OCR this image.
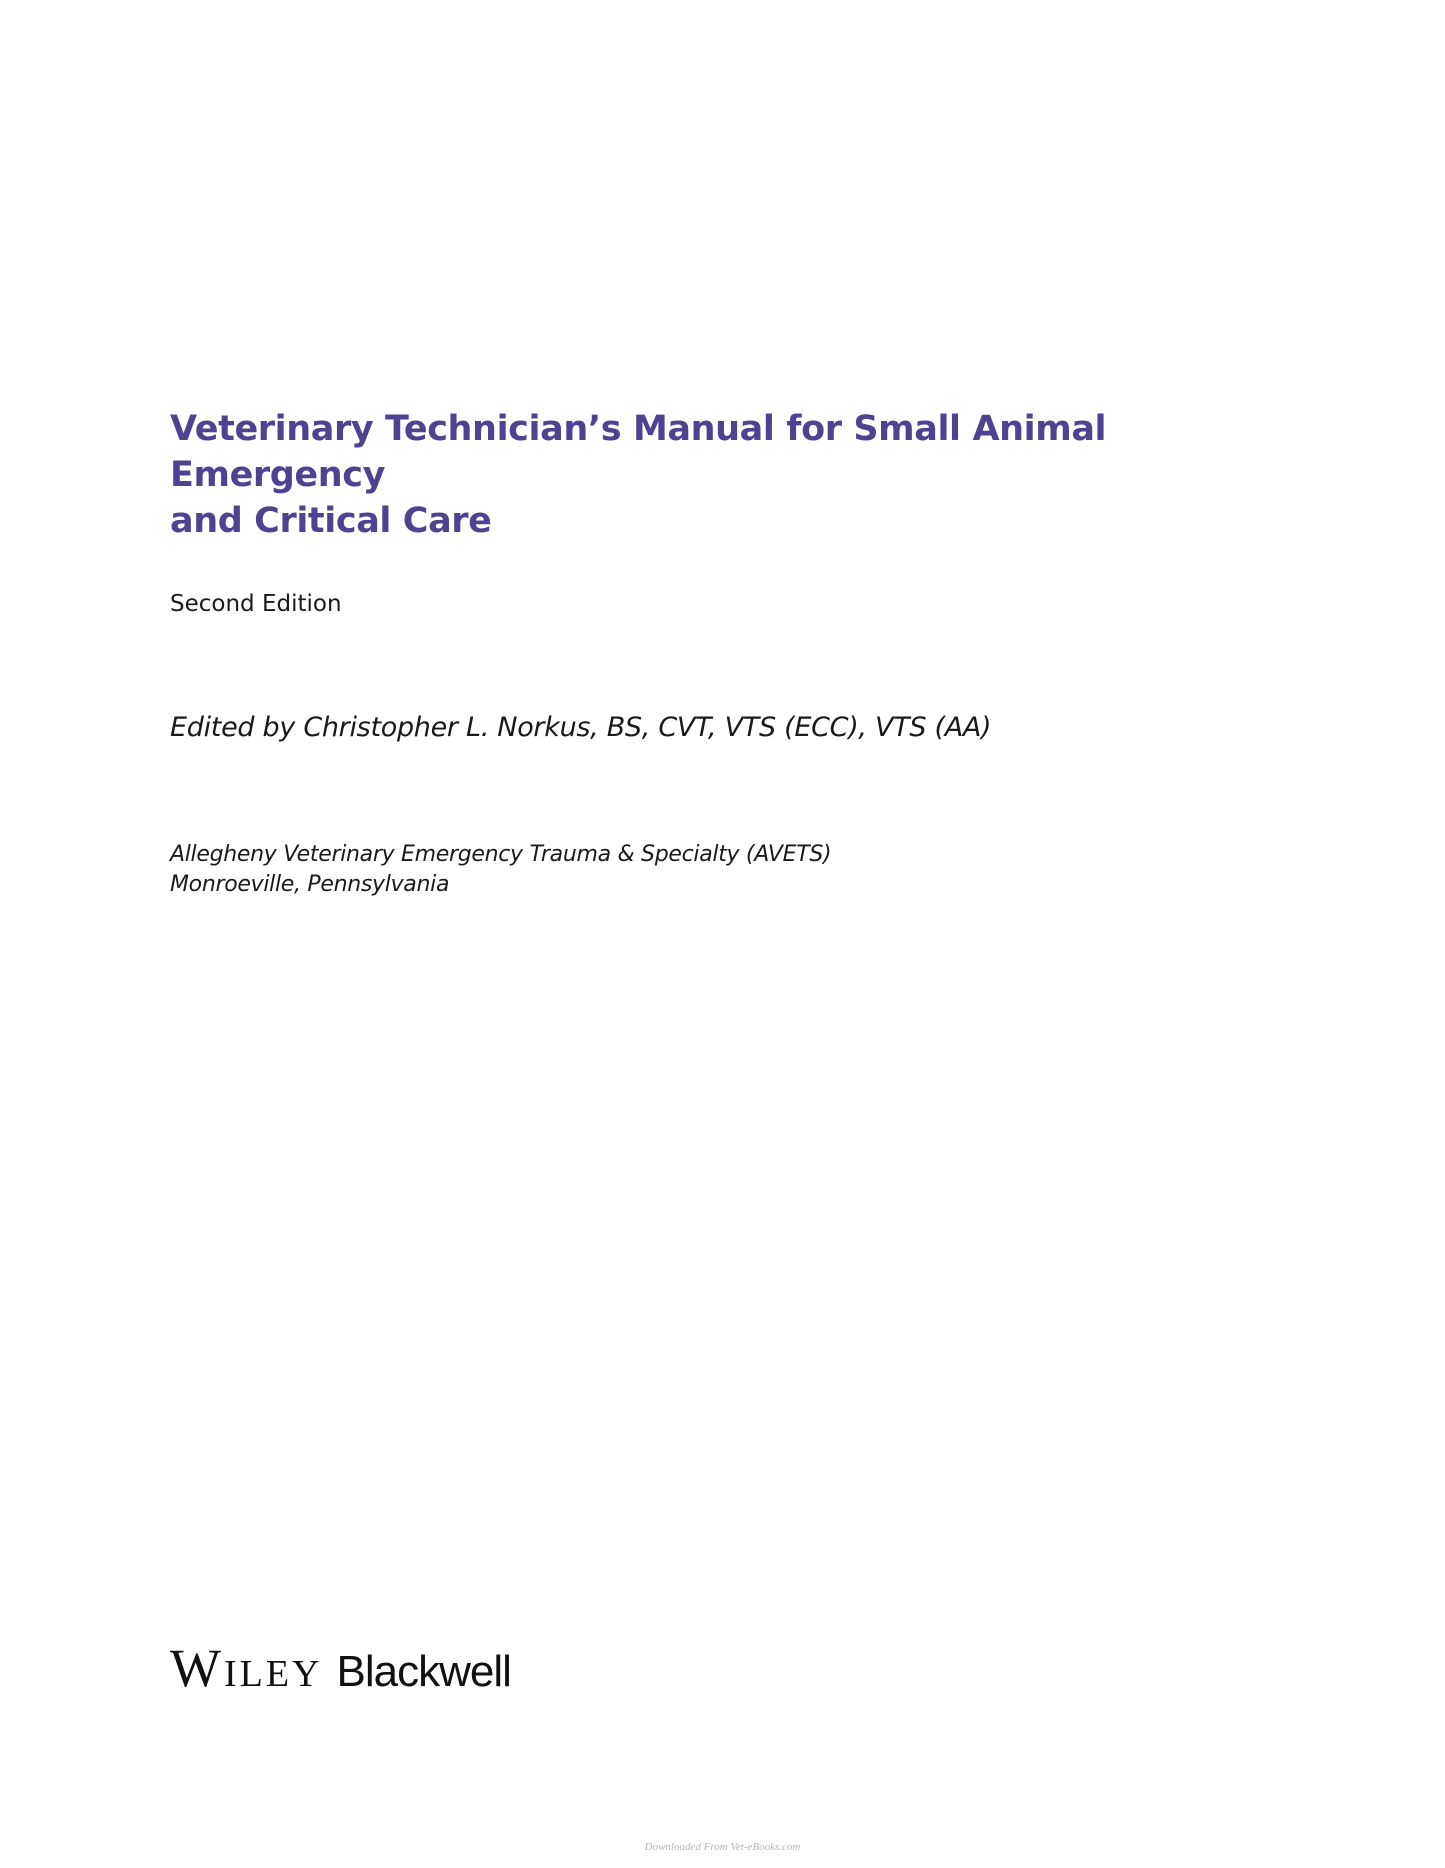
Veterinary Technician’s Manual for Small Animal Emergency
and Critical Care
Second Edition
Edited by Christopher L. Norkus, BS, CVT, VTS (ECC), VTS (AA)
Allegheny Veterinary Emergency Trauma & Specialty (AVETS)
Monroeville, Pennsylvania
Wiley Blackwell
Downloaded From Vet-eBooks.com
